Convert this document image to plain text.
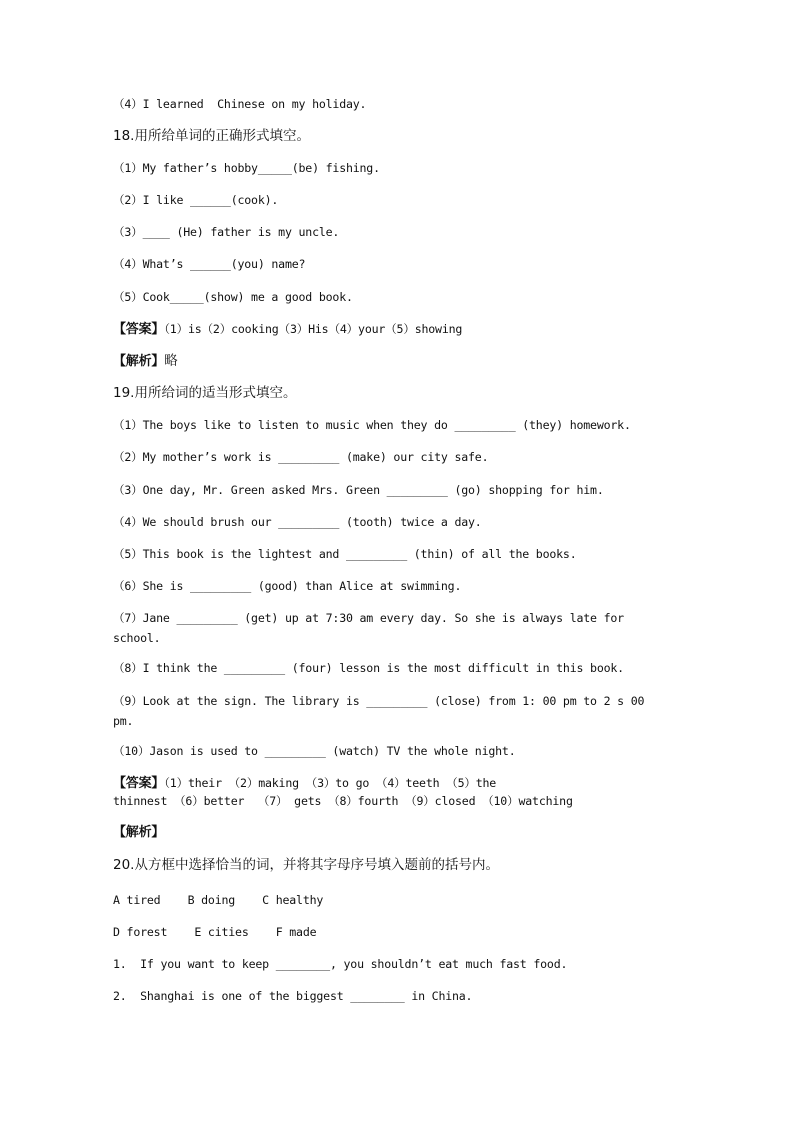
（4）I learned  Chinese on my holiday.
18.用所给单词的正确形式填空。
（1）My father’s hobby_____(be) fishing.
（2）I like ______(cook).
（3）____ (He) father is my uncle.
（4）What’s ______(you) name?
（5）Cook_____(show) me a good book.
【答案】（1）is（2）cooking（3）His（4）your（5）showing
【解析】略
19.用所给词的适当形式填空。
（1）The boys like to listen to music when they do _________ (they) homework.
（2）My mother’s work is _________ (make) our city safe.
（3）One day, Mr. Green asked Mrs. Green _________ (go) shopping for him.
（4）We should brush our _________ (tooth) twice a day.
（5）This book is the lightest and _________ (thin) of all the books.
（6）She is _________ (good) than Alice at swimming.
（7）Jane _________ (get) up at 7:30 am every day. So she is always late for
school.
（8）I think the _________ (four) lesson is the most difficult in this book.
（9）Look at the sign. The library is _________ (close) from 1: 00 pm to 2 s 00
pm.
（10）Jason is used to _________ (watch) TV the whole night.
【答案】（1）their （2）making （3）to go （4）teeth （5）the
thinnest （6）better  （7） gets （8）fourth （9）closed （10）watching
【解析】
20.从方框中选择恰当的词，并将其字母序号填入题前的括号内。
A tired    B doing    C healthy
D forest    E cities    F made
1.  If you want to keep ________, you shouldn’t eat much fast food.
2.  Shanghai is one of the biggest ________ in China.
